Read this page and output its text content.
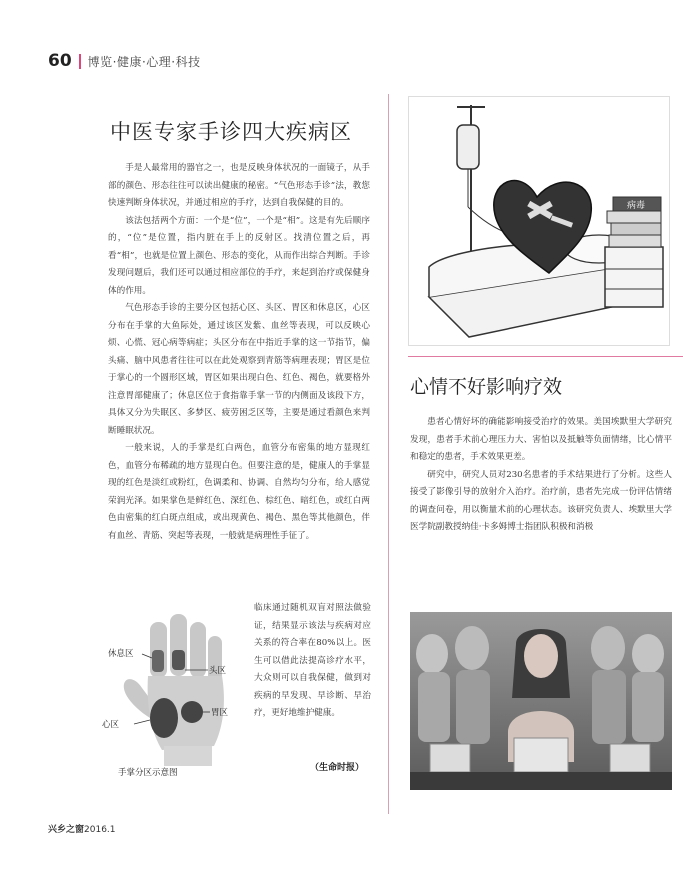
60 博览·健康·心理·科技
中医专家手诊四大疾病区

手是人最常用的器官之一，也是反映身体状况的一面镜子，从手部的颜色、形态往往可以读出健康的秘密。“气色形态手诊”法，教您快速判断身体状况，并通过相应的手疗，达到自我保健的目的。

该法包括两个方面：一个是“位”，一个是“相”。这是有先后顺序的，“位”是位置，指内脏在手上的反射区。找清位置之后，再看“相”，也就是位置上颜色、形态的变化，从而作出综合判断。手诊发现问题后，我们还可以通过相应部位的手疗，来起到治疗或保健身体的作用。

气色形态手诊的主要分区包括心区、头区、胃区和休息区，心区分布在手掌的大鱼际处，通过该区发紫、血丝等表现，可以反映心烦、心慌、冠心病等病症；头区分布在中指近手掌的这一节指节，偏头痛、脑中风患者往往可以在此处观察到青筋等病理表现；胃区是位于掌心的一个圆形区域，胃区如果出现白色、红色、褐色，就要格外注意胃部健康了；休息区位于食指靠手掌一节的内侧面及该段下方，具体又分为失眠区、多梦区、疲劳困乏区等，主要是通过看颜色来判断睡眠状况。

一般来说，人的手掌是红白两色，血管分布密集的地方显现红色，血管分布稀疏的地方显现白色。但要注意的是，健康人的手掌显现的红色是淡红或粉红，色调柔和、协调、自然均匀分布，给人感觉荣润光泽。如果掌色是鲜红色、深红色、棕红色、暗红色，或红白两色由密集的红白斑点组成，或出现黄色、褐色、黑色等其他颜色，伴有血丝、青筋、突起等表现，一般就是病理性手征了。

休息区
头区
心区
胃区
手掌分区示意图
临床通过随机双盲对照法做验证，结果显示该法与疾病对应关系的符合率在80%以上。医生可以借此法提高诊疗水平，大众则可以自我保健，做到对疾病的早发现、早诊断、早治疗，更好地维护健康。
（生命时报）
病毒
心情不好影响疗效

患者心情好坏的确能影响接受治疗的效果。美国埃默里大学研究发现，患者手术前心理压力大、害怕以及抵触等负面情绪，比心情平和稳定的患者，手术效果更差。

研究中，研究人员对230名患者的手术结果进行了分析。这些人接受了影像引导的放射介入治疗。治疗前，患者先完成一份评估情绪的调查问卷，用以衡量术前的心理状态。该研究负责人、埃默里大学医学院副教授纳佳·卡多姆博士指团队积极和消极

兴乡之窗2016.1
